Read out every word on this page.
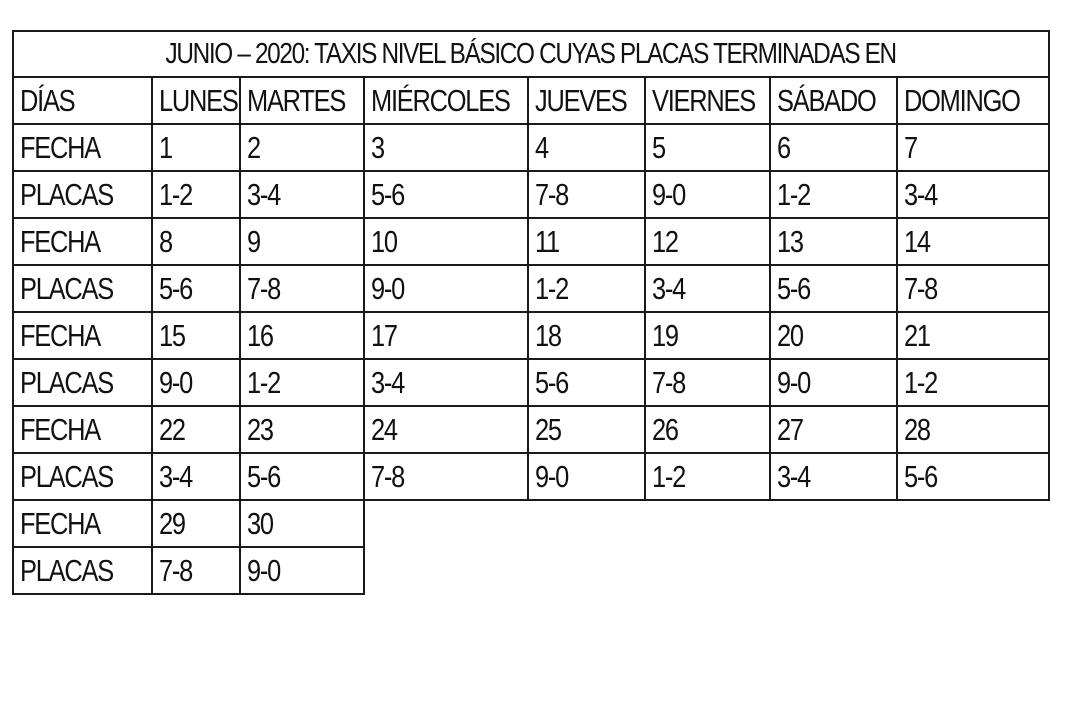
JUNIO – 2020: TAXIS NIVEL BÁSICO CUYAS PLACAS TERMINADAS EN							
DÍAS	LUNES	MARTES	MIÉRCOLES	JUEVES	VIERNES	SÁBADO	DOMINGO
FECHA	1	2	3	4	5	6	7
PLACAS	1-2	3-4	5-6	7-8	9-0	1-2	3-4
FECHA	8	9	10	11	12	13	14
PLACAS	5-6	7-8	9-0	1-2	3-4	5-6	7-8
FECHA	15	16	17	18	19	20	21
PLACAS	9-0	1-2	3-4	5-6	7-8	9-0	1-2
FECHA	22	23	24	25	26	27	28
PLACAS	3-4	5-6	7-8	9-0	1-2	3-4	5-6
FECHA	29	30					
PLACAS	7-8	9-0					
